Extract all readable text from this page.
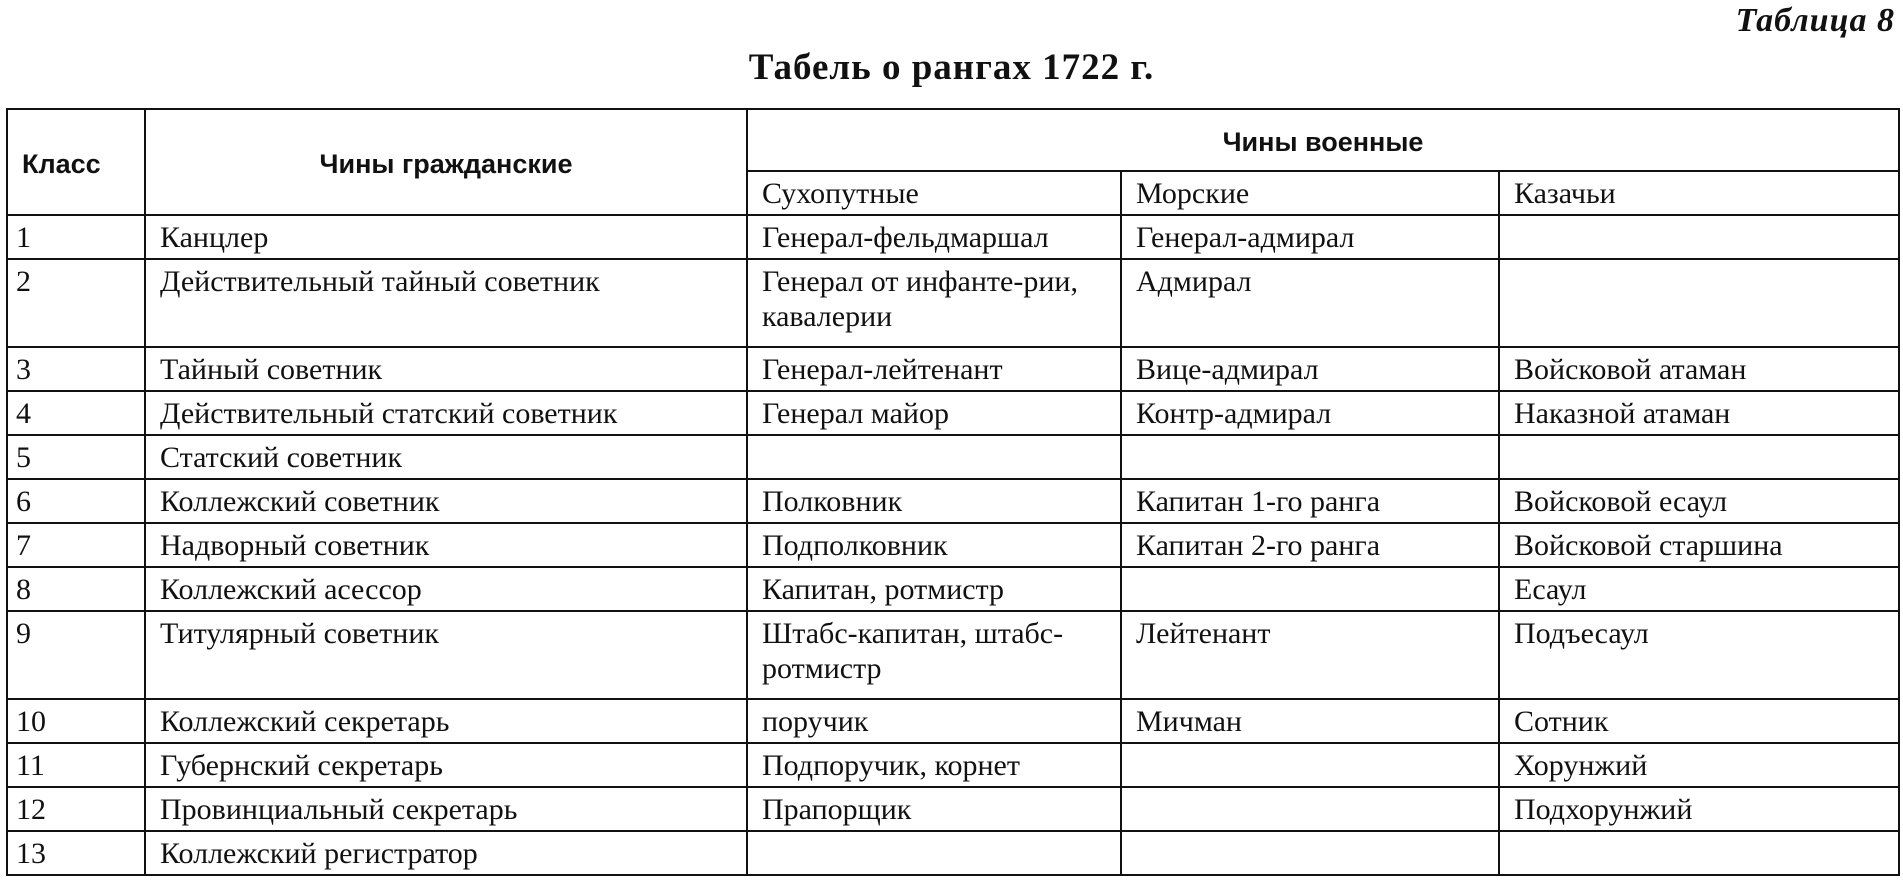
Таблица 8
Табель о рангах 1722 г.
Класс	Чины гражданские	Чины военные		
		Сухопутные	Морские	Казачьи
1	Канцлер	Генерал-фельдмаршал	Генерал-адмирал	
2	Действительный тайный советник	Генерал от инфанте-рии, кавалерии	Адмирал	
3	Тайный советник	Генерал-лейтенант	Вице-адмирал	Войсковой атаман
4	Действительный статский советник	Генерал майор	Контр-адмирал	Наказной атаман
5	Статский советник			
6	Коллежский советник	Полковник	Капитан 1-го ранга	Войсковой есаул
7	Надворный советник	Подполковник	Капитан 2-го ранга	Войсковой старшина
8	Коллежский асессор	Капитан, ротмистр		Есаул
9	Титулярный советник	Штабс-капитан, штабс-ротмистр	Лейтенант	Подъесаул
10	Коллежский секретарь	поручик	Мичман	Сотник
11	Губернский секретарь	Подпоручик, корнет		Хорунжий
12	Провинциальный секретарь	Прапорщик		Подхорунжий
13	Коллежский регистратор			
